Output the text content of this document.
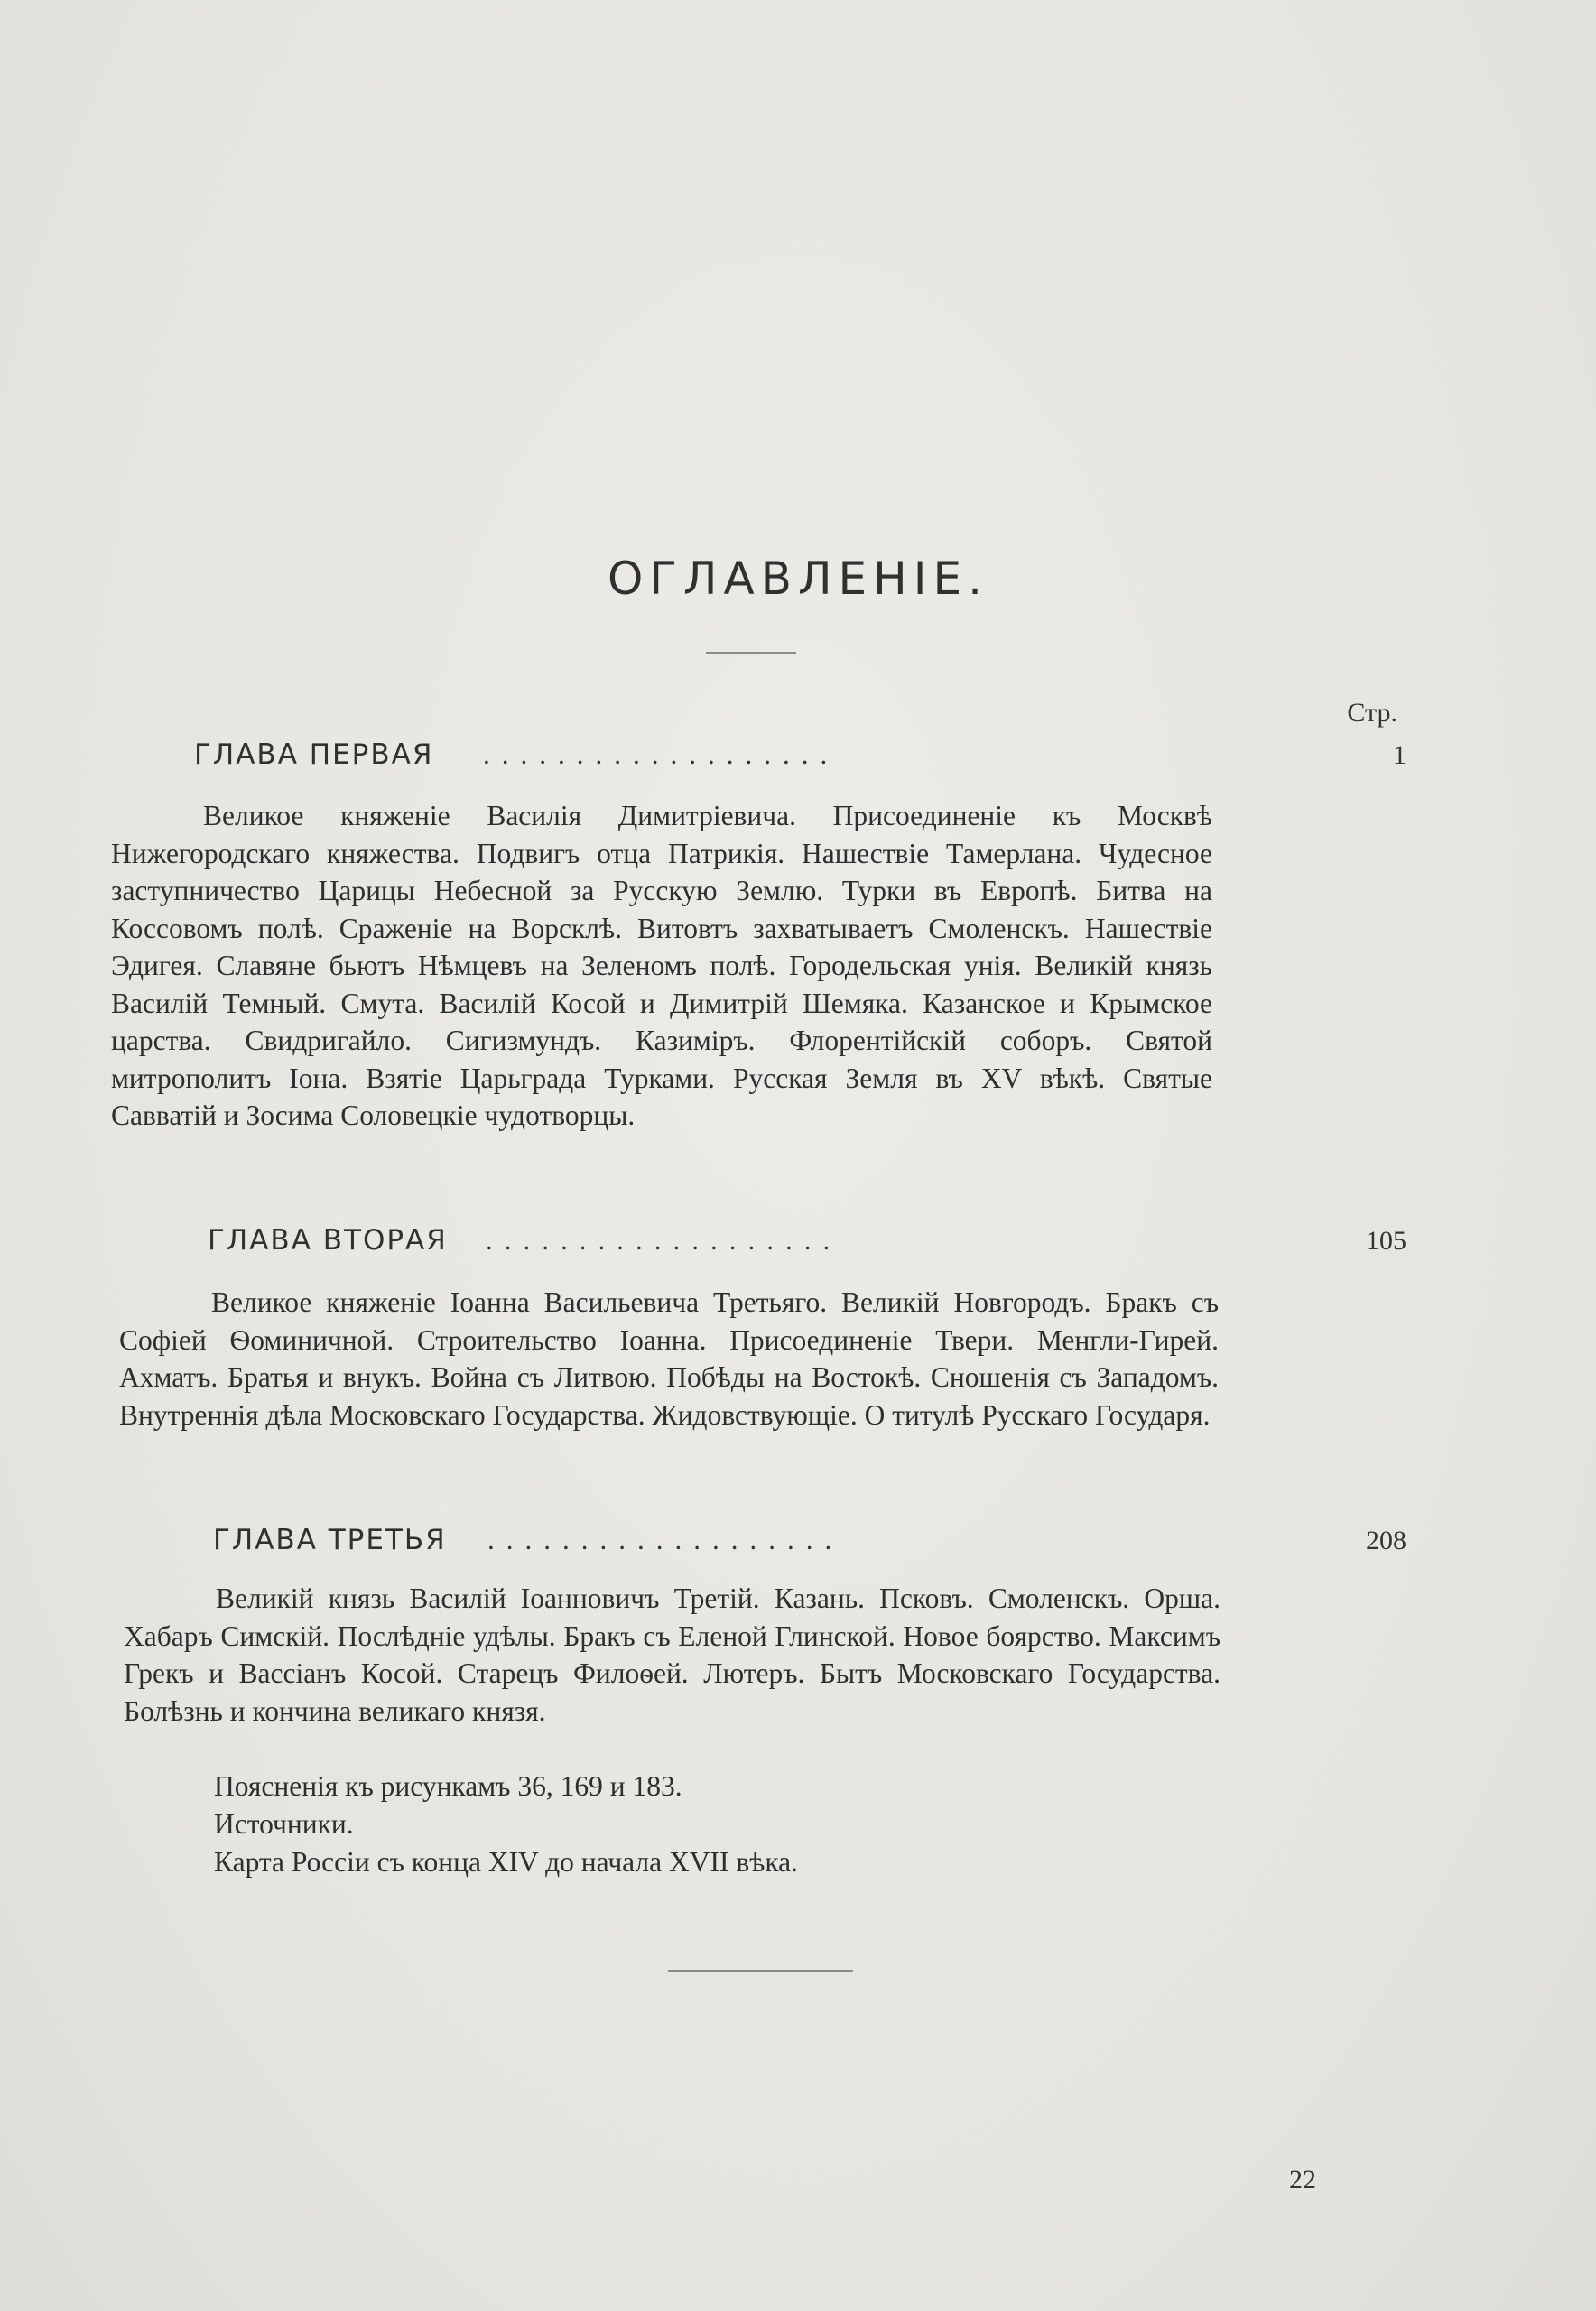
ОГЛАВЛЕНІЕ.
Стр.
ГЛАВА ПЕРВАЯ ...................	1

Великое княженіе Василія Димитріевича. Присоединеніе къ Москвѣ Нижегородскаго княжества. Подвигъ отца Патрикія. Нашествіе Тамерлана. Чудесное заступничество Царицы Небесной за Русскую Землю. Турки въ Европѣ. Битва на Коссовомъ полѣ. Сраженіе на Ворсклѣ. Витовтъ захватываетъ Смоленскъ. Нашествіе Эдигея. Славяне бьютъ Нѣмцевъ на Зеленомъ полѣ. Городельская унія. Великій князь Василій Темный. Смута. Василій Косой и Димитрій Шемяка. Казанское и Крымское царства. Свидригайло. Сигизмундъ. Казиміръ. Флорентійскій соборъ. Святой митрополитъ Іона. Взятіе Царьграда Турками. Русская Земля въ XV вѣкѣ. Святые Савватій и Зосима Соловецкіе чудотворцы.

ГЛАВА ВТОРАЯ ...................	105

Великое княженіе Іоанна Васильевича Третьяго. Великій Новгородъ. Бракъ съ Софіей Ѳоминичной. Строительство Іоанна. Присоединеніе Твери. Менгли-Гирей. Ахматъ. Братья и внукъ. Война съ Литвою. Побѣды на Востокѣ. Сношенія съ Западомъ. Внутреннія дѣла Московскаго Государства. Жидовствующіе. О титулѣ Русскаго Государя.

ГЛАВА ТРЕТЬЯ ...................	208

Великій князь Василій Іоанновичъ Третій. Казань. Псковъ. Смоленскъ. Орша. Хабаръ Симскій. Послѣдніе удѣлы. Бракъ съ Еленой Глинской. Новое боярство. Максимъ Грекъ и Вассіанъ Косой. Старецъ Филоѳей. Лютеръ. Бытъ Московскаго Государства. Болѣзнь и кончина великаго князя.

Поясненія къ рисункамъ 36, 169 и 183.
Источники.
Карта Россіи съ конца XIV до начала XVII вѣка.
22
